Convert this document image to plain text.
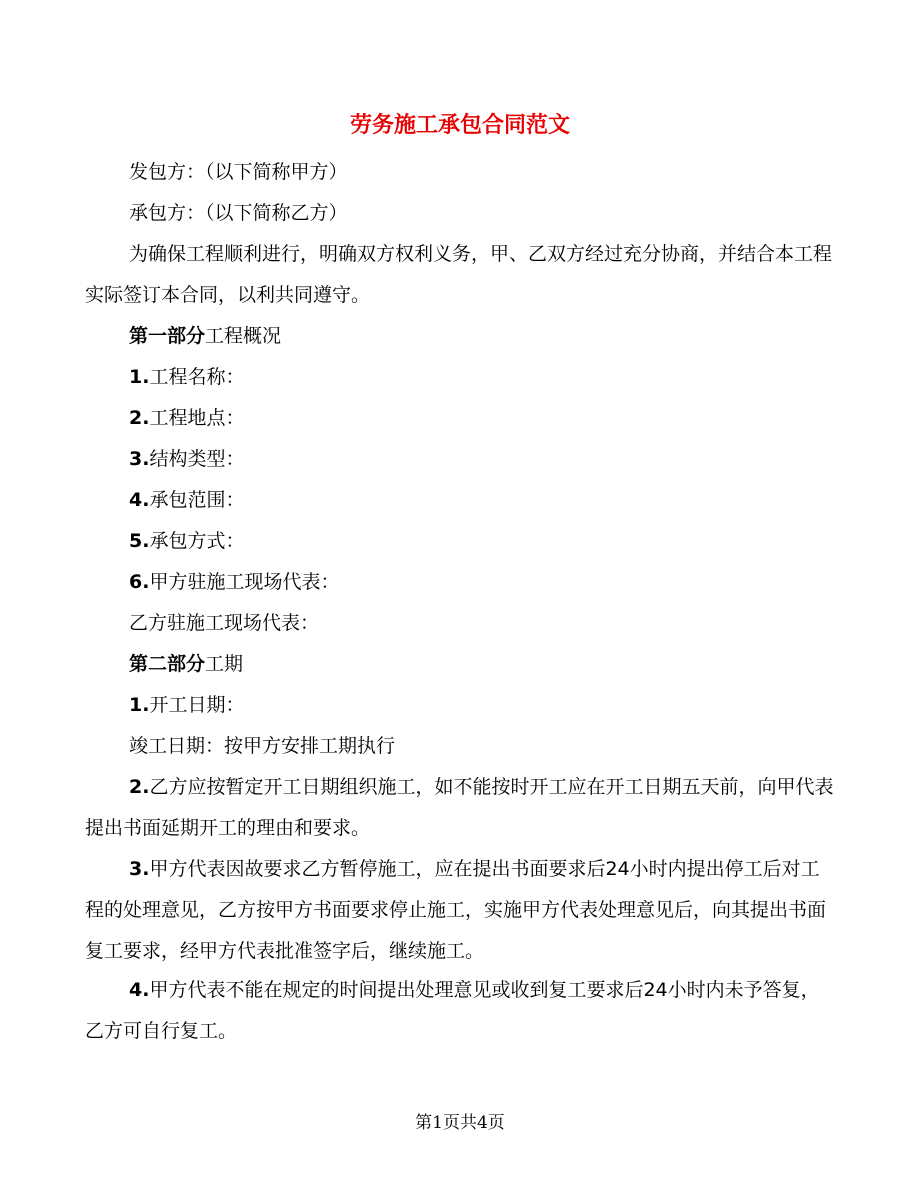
劳务施工承包合同范文
发包方：（以下简称甲方）
承包方：（以下简称乙方）
为确保工程顺利进行，明确双方权利义务，甲、乙双方经过充分协商，并结合本工程实际签订本合同，以利共同遵守。
第一部分工程概况
1.工程名称：
2.工程地点：
3.结构类型：
4.承包范围：
5.承包方式：
6.甲方驻施工现场代表：
乙方驻施工现场代表：
第二部分工期
1.开工日期：
竣工日期：按甲方安排工期执行
2.乙方应按暂定开工日期组织施工，如不能按时开工应在开工日期五天前，向甲代表提出书面延期开工的理由和要求。
3.甲方代表因故要求乙方暂停施工，应在提出书面要求后24小时内提出停工后对工程的处理意见，乙方按甲方书面要求停止施工，实施甲方代表处理意见后，向其提出书面复工要求，经甲方代表批准签字后，继续施工。
4.甲方代表不能在规定的时间提出处理意见或收到复工要求后24小时内未予答复，乙方可自行复工。
第1页共4页
